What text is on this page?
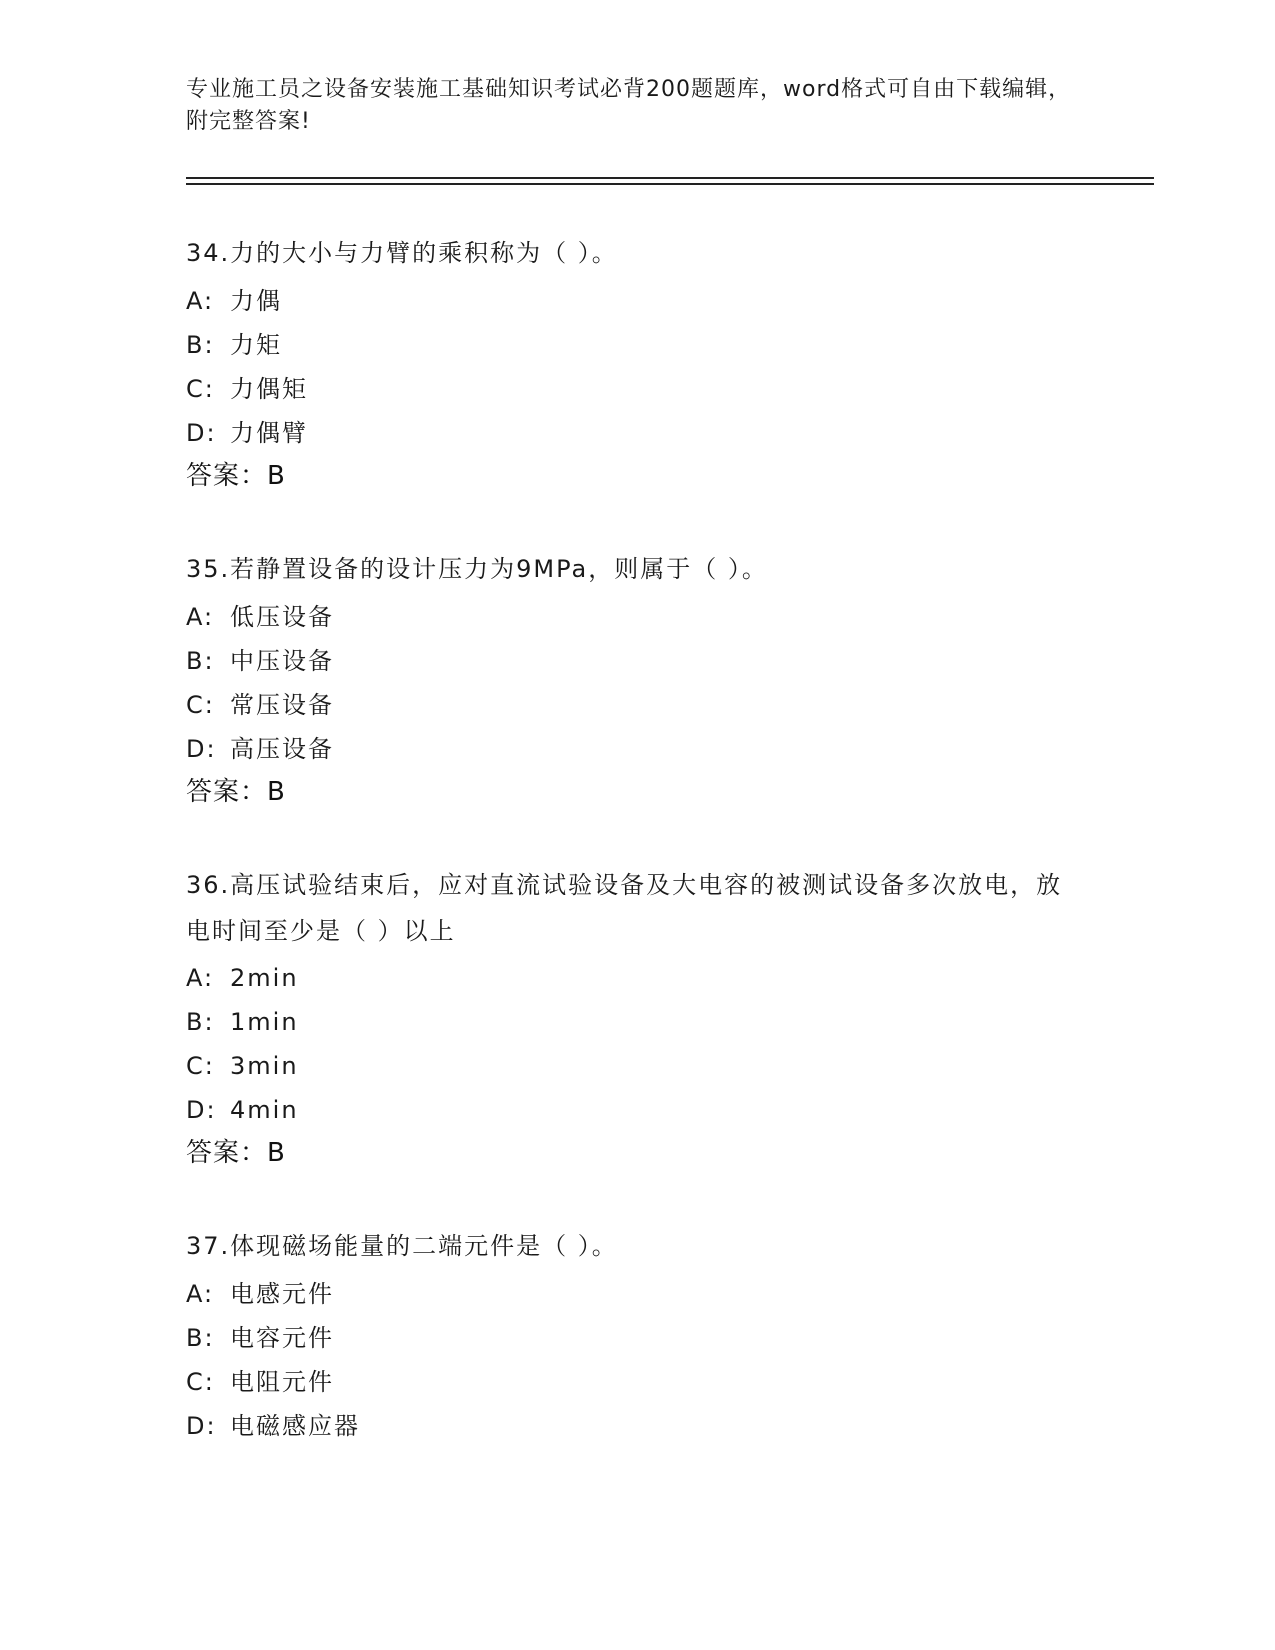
专业施工员之设备安装施工基础知识考试必背200题题库，word格式可自由下载编辑，附完整答案!
34.力的大小与力臂的乘积称为（ ）。
A: 力偶
B: 力矩
C: 力偶矩
D: 力偶臂
答案：B
35.若静置设备的设计压力为9MPa，则属于（ ）。
A: 低压设备
B: 中压设备
C: 常压设备
D: 高压设备
答案：B
36.高压试验结束后，应对直流试验设备及大电容的被测试设备多次放电，放电时间至少是（ ）以上
A: 2min
B: 1min
C: 3min
D: 4min
答案：B
37.体现磁场能量的二端元件是（ ）。
A: 电感元件
B: 电容元件
C: 电阻元件
D: 电磁感应器
